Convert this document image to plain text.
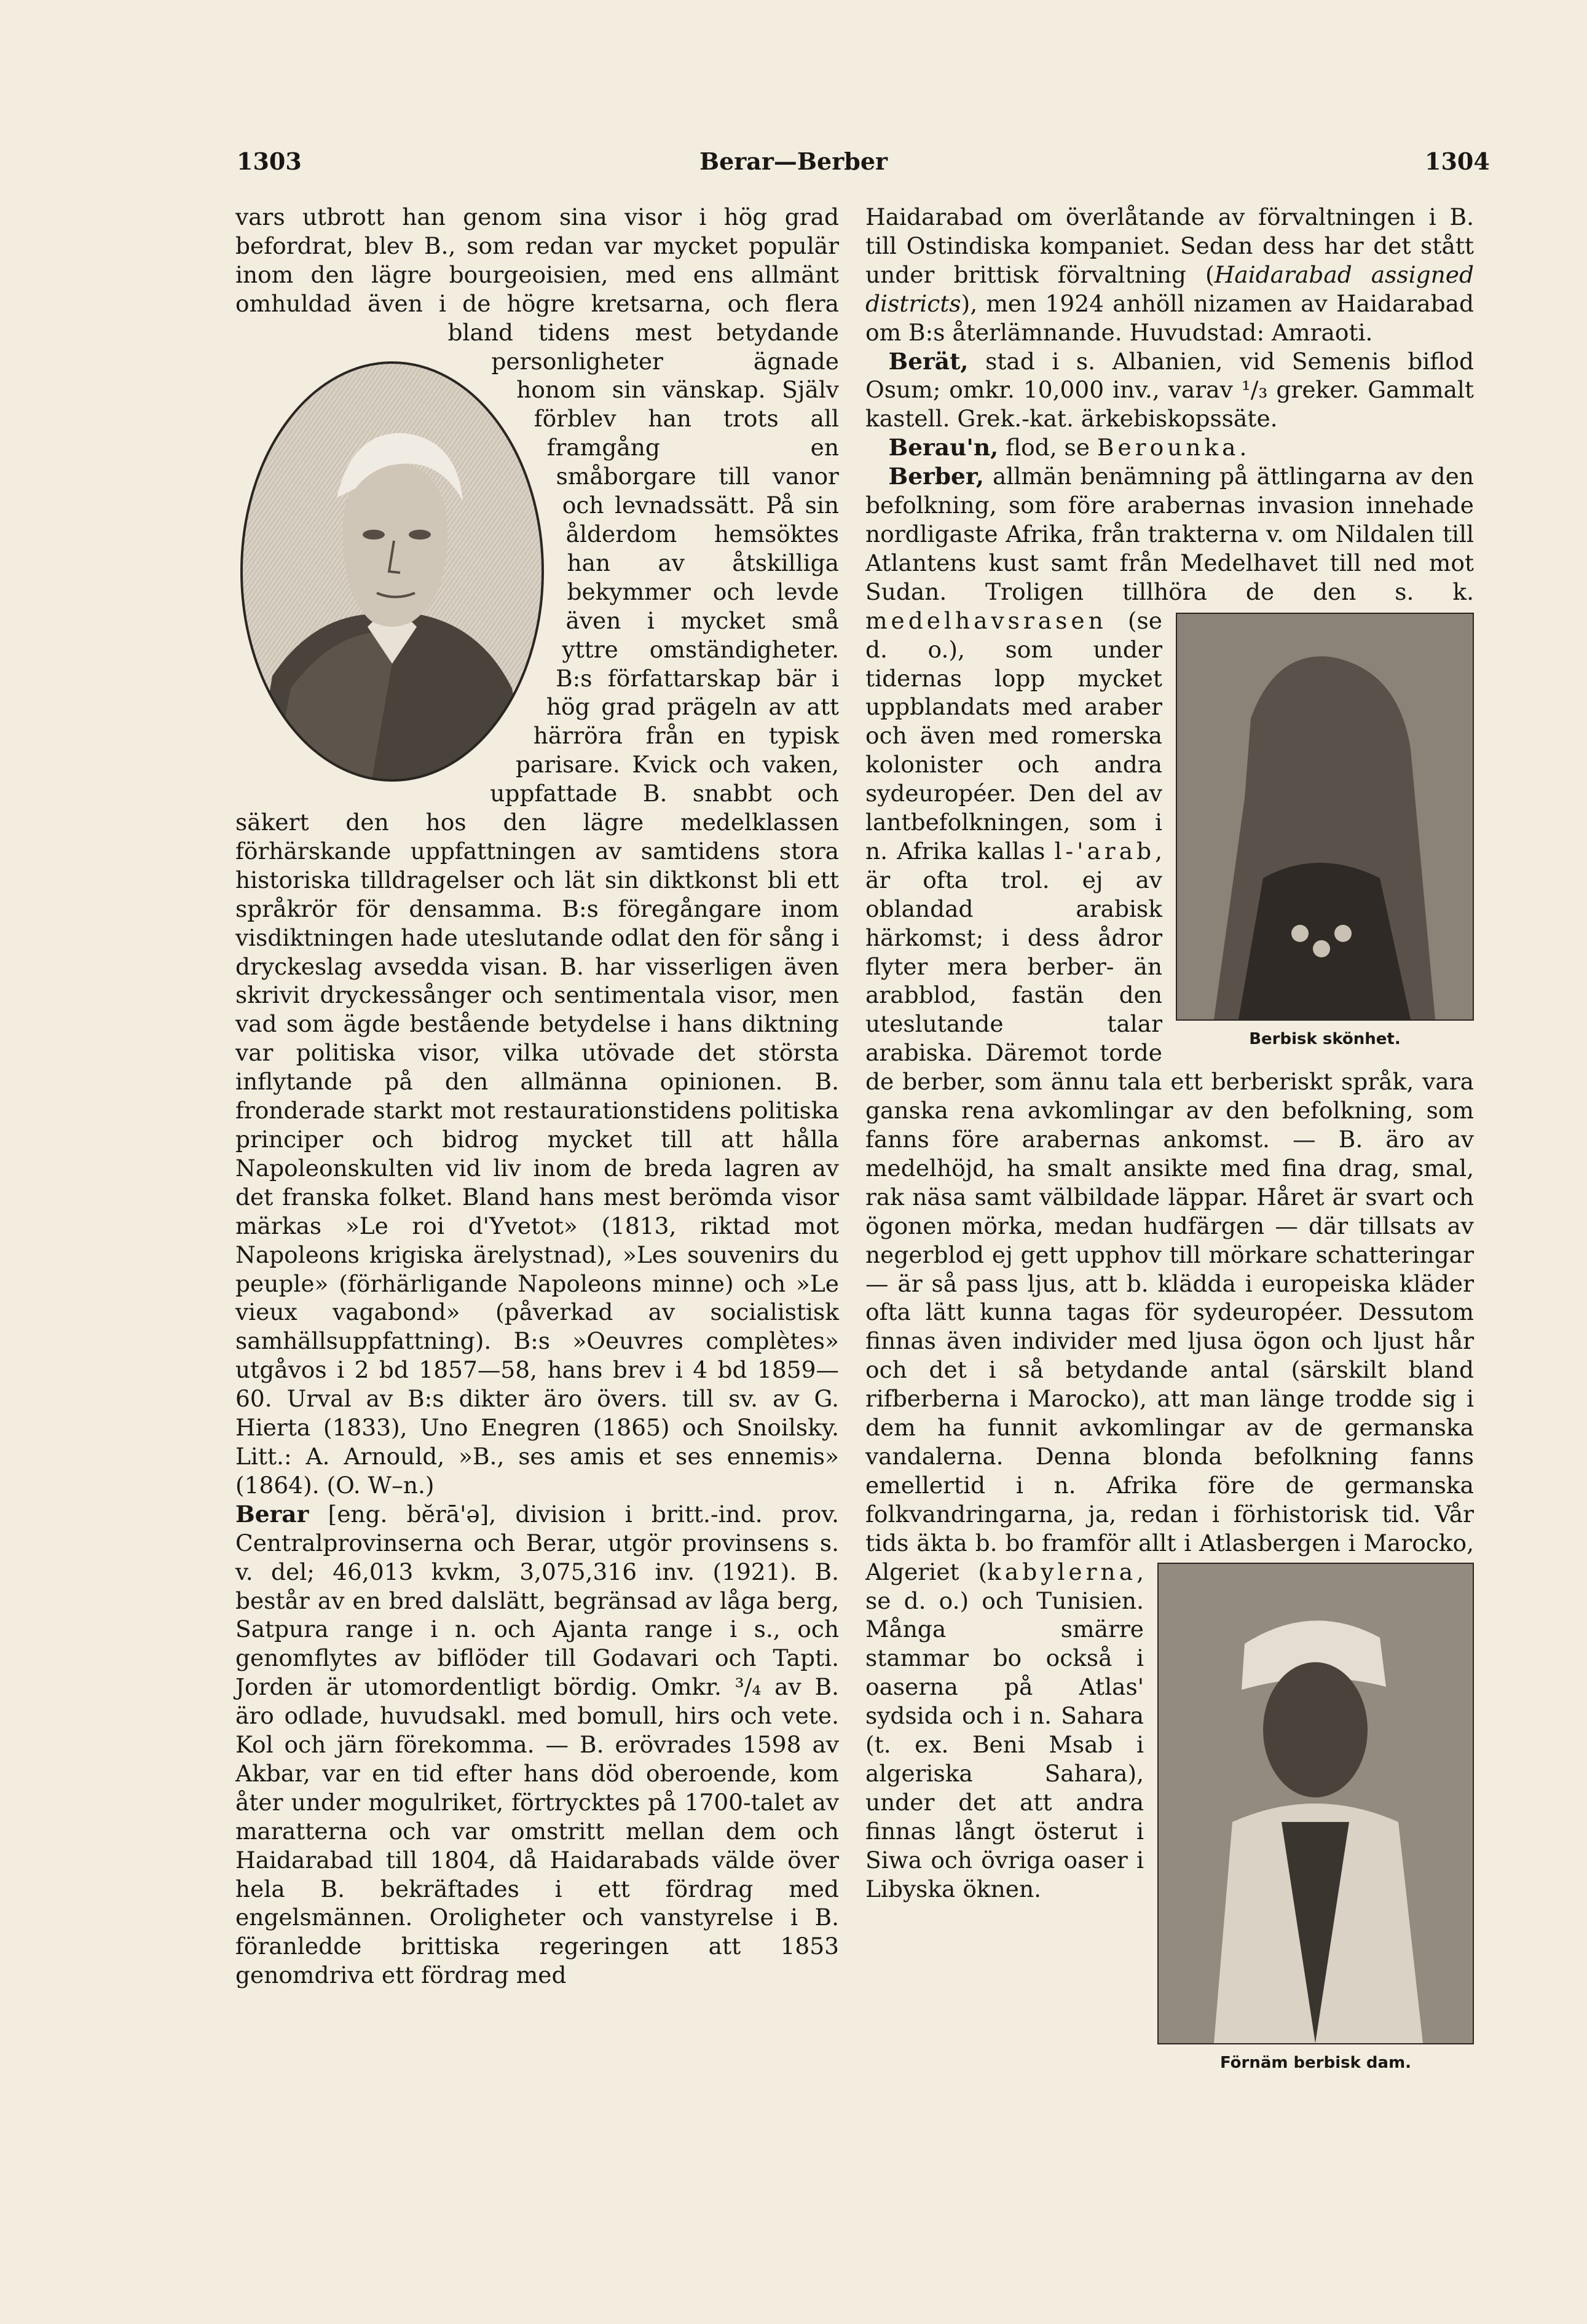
1303	Berar—Berber	1304

vars utbrott han genom sina visor i hög grad befordrat, blev B., som redan var mycket populär inom den lägre bourgeoisien, med ens allmänt omhuldad även i de högre kretsarna, och flera bland tidens mest betydande personligheter ägnade honom sin vänskap. Själv förblev han trots all framgång en småborgare till vanor och levnadssätt. På sin ålderdom hemsöktes han av åtskilliga bekymmer och levde även i mycket små yttre omständigheter. B:s författarskap bär i hög grad prägeln av att härröra från en typisk parisare. Kvick och vaken, uppfattade B. snabbt och säkert den hos den lägre medelklassen förhärskande uppfattningen av samtidens stora historiska tilldragelser och lät sin diktkonst bli ett språkrör för densamma. B:s föregångare inom visdiktningen hade uteslutande odlat den för sång i dryckeslag avsedda visan. B. har visserligen även skrivit dryckessånger och sentimentala visor, men vad som ägde bestående betydelse i hans diktning var politiska visor, vilka utövade det största inflytande på den allmänna opinionen. B. fronderade starkt mot restaurationstidens politiska principer och bidrog mycket till att hålla Napoleonskulten vid liv inom de breda lagren av det franska folket. Bland hans mest berömda visor märkas »Le roi d'Yvetot» (1813, riktad mot Napoleons krigiska ärelystnad), »Les souvenirs du peuple» (förhärligande Napoleons minne) och »Le vieux vagabond» (påverkad av socialistisk samhällsuppfattning). B:s »Oeuvres complètes» utgåvos i 2 bd 1857—58, hans brev i 4 bd 1859—60. Urval av B:s dikter äro övers. till sv. av G. Hierta (1833), Uno Enegren (1865) och Snoilsky. Litt.: A. Arnould, »B., ses amis et ses ennemis» (1864). (O. W–n.)

Berar [eng. bĕrā'ə], division i britt.-ind. prov. Centralprovinserna och Berar, utgör provinsens s. v. del; 46,013 kvkm, 3,075,316 inv. (1921). B. består av en bred dalslätt, begränsad av låga berg, Satpura range i n. och Ajanta range i s., och genomflytes av biflöder till Godavari och Tapti. Jorden är utomordentligt bördig. Omkr. ³/₄ av B. äro odlade, huvudsakl. med bomull, hirs och vete. Kol och järn förekomma. — B. erövrades 1598 av Akbar, var en tid efter hans död oberoende, kom åter under mogulriket, förtrycktes på 1700-talet av maratterna och var omstritt mellan dem och Haidarabad till 1804, då Haidarabads välde över hela B. bekräftades i ett fördrag med engelsmännen. Oroligheter och vanstyrelse i B. föranledde brittiska regeringen att 1853 genomdriva ett fördrag med

Haidarabad om överlåtande av förvaltningen i B. till Ostindiska kompaniet. Sedan dess har det stått under brittisk förvaltning (Haidarabad assigned districts), men 1924 anhöll nizamen av Haidarabad om B:s återlämnande. Huvudstad: Amraoti.

 Berät, stad i s. Albanien, vid Semenis biflod Osum; omkr. 10,000 inv., varav ¹/₃ greker. Gammalt kastell. Grek.-kat. ärkebiskopssäte.

 Berau'n, flod, se Berounka.

 Berber, allmän benämning på ättlingarna av den befolkning, som före arabernas invasion innehade nordligaste Afrika, från trakterna v. om Nildalen till Atlantens kust samt från Medelhavet till ned mot Sudan. Troligen tillhöra de den s. k.
Berbisk skönhet.
medelhavsrasen (se d. o.), som under tidernas lopp mycket uppblandats med araber och även med romerska kolonister och andra sydeuropéer. Den del av lantbefolkningen, som i n. Afrika kallas l-'arab, är ofta trol. ej av oblandad arabisk härkomst; i dess ådror flyter mera berber- än arabblod, fastän den uteslutande talar arabiska. Däremot torde de berber, som ännu tala ett berberiskt språk, vara ganska rena avkomlingar av den befolkning, som fanns före arabernas ankomst. — B. äro av medelhöjd, ha smalt ansikte med fina drag, smal, rak näsa samt välbildade läppar. Håret är svart och ögonen mörka, medan hudfärgen — där tillsats av negerblod ej gett upphov till mörkare schatteringar — är så pass ljus, att b. klädda i europeiska kläder ofta lätt kunna tagas för sydeuropéer. Dessutom finnas även individer med ljusa ögon och ljust hår och det i så betydande antal (särskilt bland rifberberna i Marocko), att man länge trodde sig i dem ha funnit avkomlingar av de germanska vandalerna. Denna blonda befolkning fanns emellertid i n. Afrika före de germanska folkvandringarna, ja, redan i förhistorisk tid. Vår tids äkta b. bo framför allt i Atlasbergen i Marocko, Algeriet (
Förnäm berbisk dam.
kabylerna, se d. o.) och Tunisien. Många smärre stammar bo också i oaserna på Atlas' sydsida och i n. Sahara (t. ex. Beni Msab i algeriska Sahara), under det att andra finnas långt österut i Siwa och övriga oaser i Libyska öknen.
